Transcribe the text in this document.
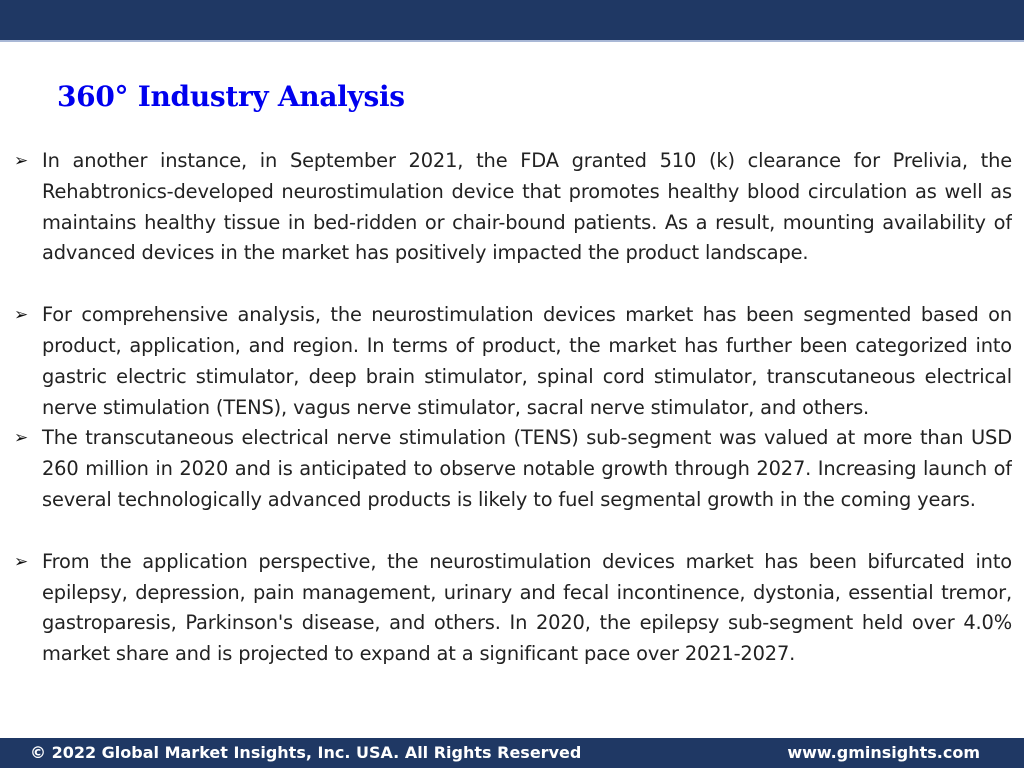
360° Industry Analysis
➢ In another instance, in September 2021, the FDA granted 510 (k) clearance for Prelivia, the Rehabtronics-developed neurostimulation device that promotes healthy blood circulation as well as maintains healthy tissue in bed-ridden or chair-bound patients. As a result, mounting availability of advanced devices in the market has positively impacted the product landscape.
➢ For comprehensive analysis, the neurostimulation devices market has been segmented based on product, application, and region. In terms of product, the market has further been categorized into gastric electric stimulator, deep brain stimulator, spinal cord stimulator, transcutaneous electrical nerve stimulation (TENS), vagus nerve stimulator, sacral nerve stimulator, and others.
➢ The transcutaneous electrical nerve stimulation (TENS) sub-segment was valued at more than USD 260 million in 2020 and is anticipated to observe notable growth through 2027. Increasing launch of several technologically advanced products is likely to fuel segmental growth in the coming years.
➢ From the application perspective, the neurostimulation devices market has been bifurcated into epilepsy, depression, pain management, urinary and fecal incontinence, dystonia, essential tremor, gastroparesis, Parkinson's disease, and others. In 2020, the epilepsy sub-segment held over 4.0% market share and is projected to expand at a significant pace over 2021-2027.
© 2022 Global Market Insights, Inc. USA. All Rights Reserved	www.gminsights.com
